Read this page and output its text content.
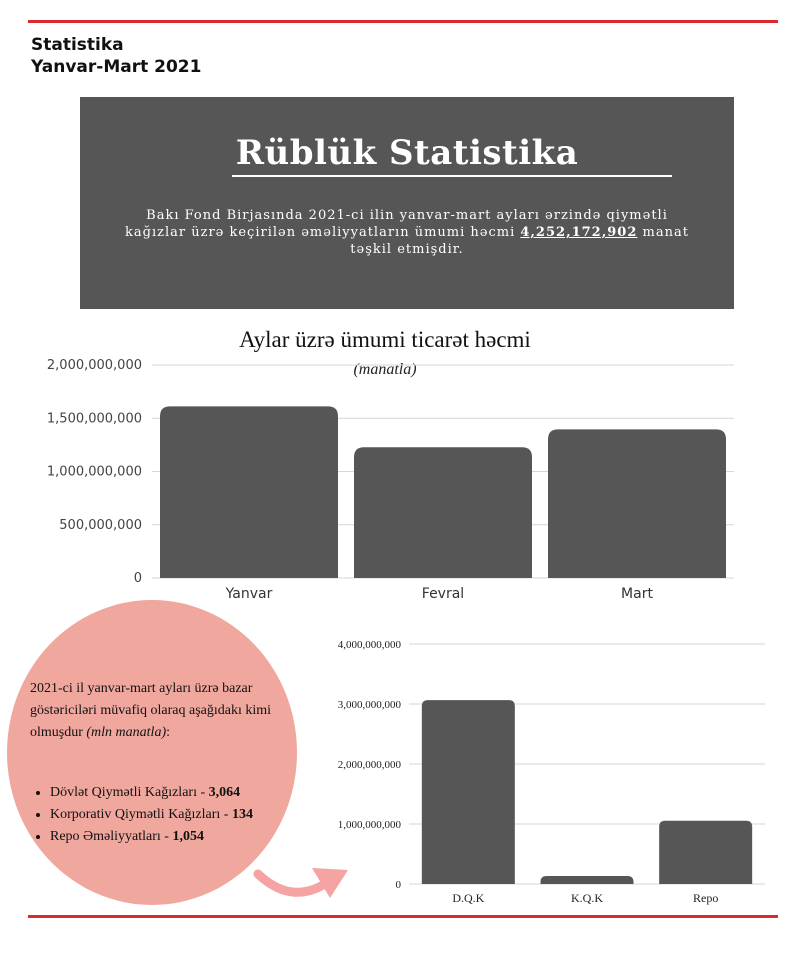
Statistika
Yanvar-Mart 2021
Rüblük Statistika
Bakı Fond Birjasında 2021-ci ilin yanvar-mart ayları ərzində qiymətli kağızlar üzrə keçirilən əməliyyatların ümumi həcmi 4,252,172,902 manat təşkil etmişdir.
Aylar üzrə ümumi ticarət həcmi
(manatla)
0
500,000,000
1,000,000,000
1,500,000,000
2,000,000,000
Yanvar	Fevral	Mart
2021-ci il yanvar-mart ayları üzrə bazar göstəriciləri müvafiq olaraq aşağıdakı kimi olmuşdur (mln manatla):
• Dövlət Qiymətli Kağızları - 3,064
• Korporativ Qiymətli Kağızları - 134
• Repo Əməliyyatları - 1,054
0
1,000,000,000
2,000,000,000
3,000,000,000
4,000,000,000
D.Q.K	K.Q.K	Repo
